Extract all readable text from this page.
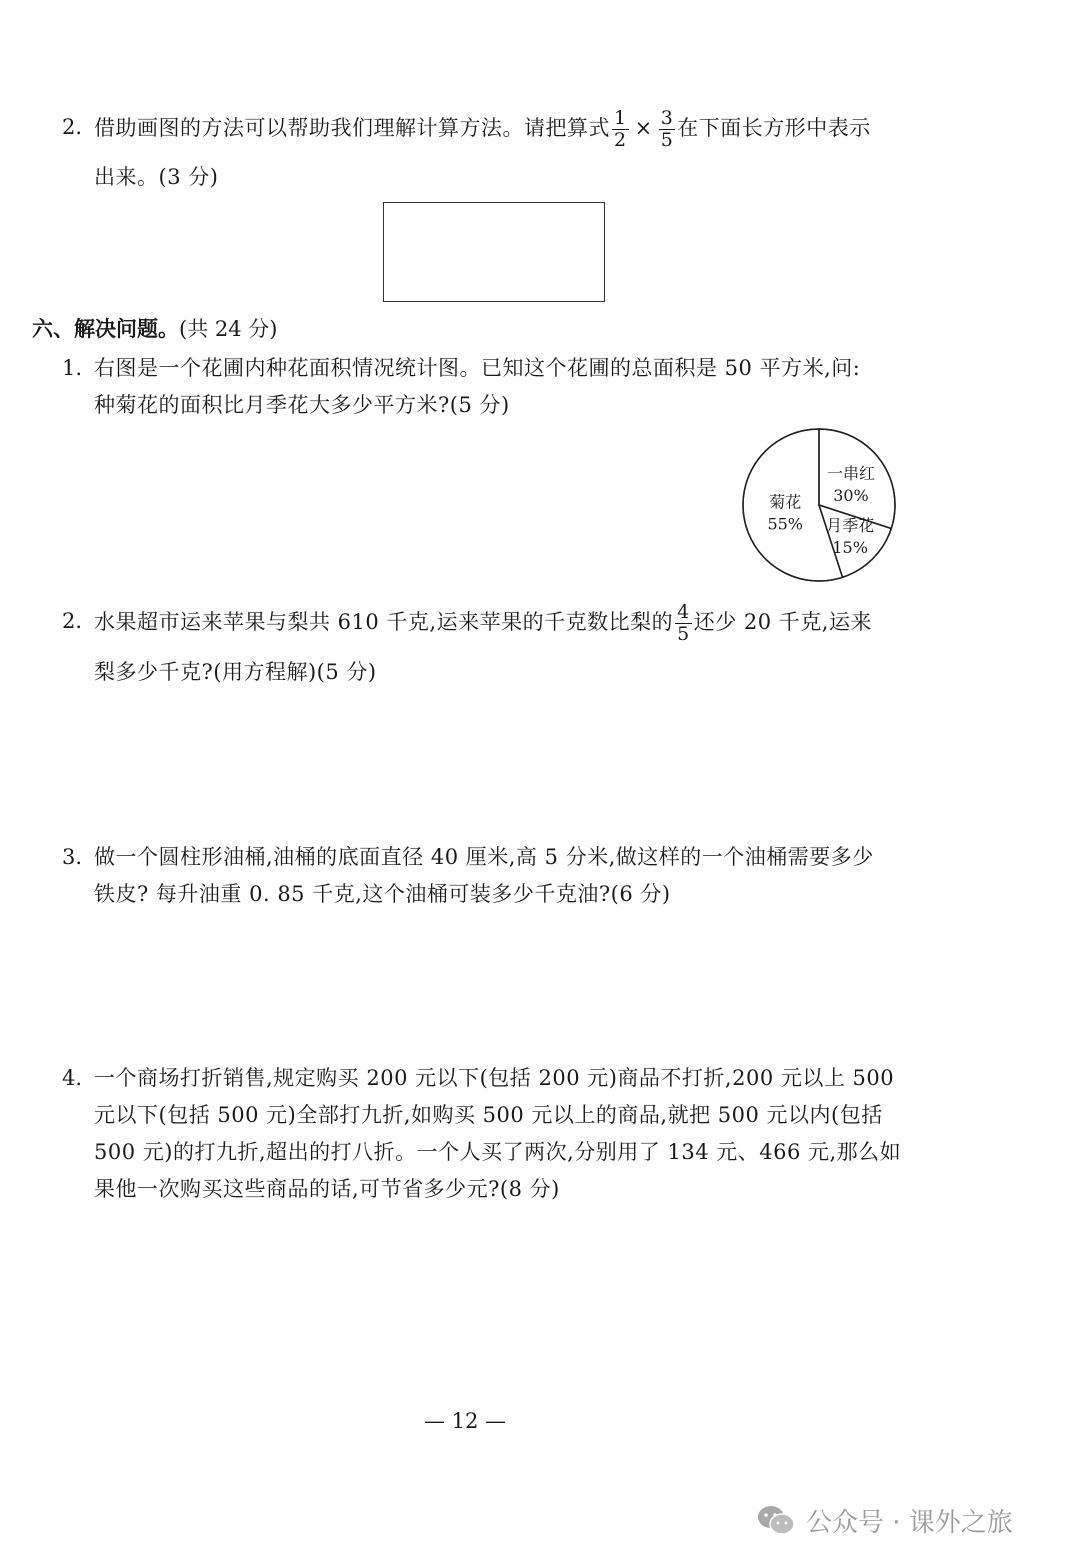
2. 借助画图的方法可以帮助我们理解计算方法。请把算式 $\frac{1}{2} \times \frac{3}{5}$ 在下面长方形中表示
出来。(3 分)
六、解决问题。(共 24 分)
1. 右图是一个花圃内种花面积情况统计图。已知这个花圃的总面积是 50 平方米,问:
种菊花的面积比月季花大多少平方米?(5 分)
一串红
30%
月季花
15%
菊花
55%
2. 水果超市运来苹果与梨共 610 千克,运来苹果的千克数比梨的 $\frac{4}{5}$ 还少 20 千克,运来
梨多少千克?(用方程解)(5 分)
3. 做一个圆柱形油桶,油桶的底面直径 40 厘米,高 5 分米,做这样的一个油桶需要多少
铁皮? 每升油重 0. 85 千克,这个油桶可装多少千克油?(6 分)
4. 一个商场打折销售,规定购买 200 元以下(包括 200 元)商品不打折,200 元以上 500
元以下(包括 500 元)全部打九折,如购买 500 元以上的商品,就把 500 元以内(包括
500 元)的打九折,超出的打八折。一个人买了两次,分别用了 134 元、466 元,那么如
果他一次购买这些商品的话,可节省多少元?(8 分)
— 12 —
公众号 · 课外之旅
